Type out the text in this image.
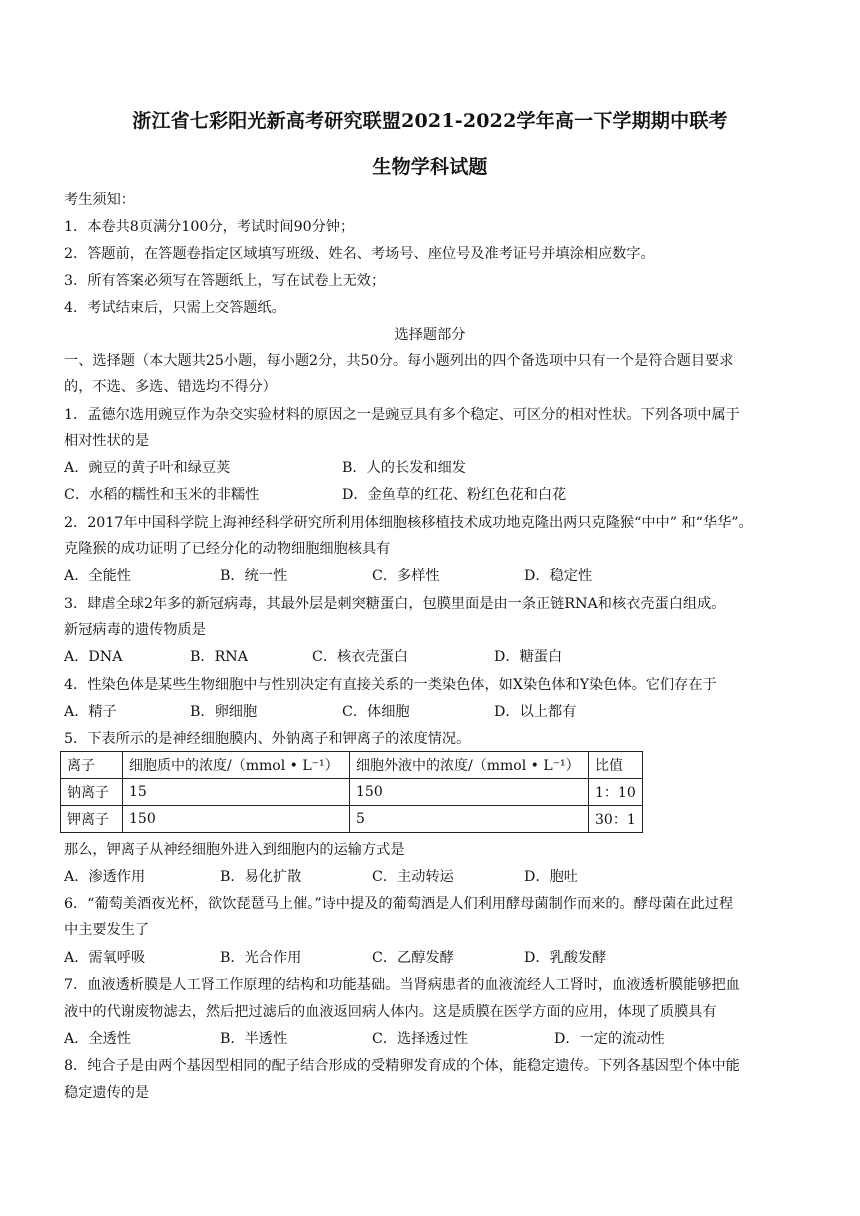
浙江省七彩阳光新高考研究联盟2021-2022学年高一下学期期中联考
生物学科试题
考生须知：
1．本卷共8页满分100分，考试时间90分钟；
2．答题前，在答题卷指定区域填写班级、姓名、考场号、座位号及准考证号并填涂相应数字。
3．所有答案必须写在答题纸上，写在试卷上无效；
4．考试结束后，只需上交答题纸。
选择题部分
一、选择题（本大题共25小题，每小题2分，共50分。每小题列出的四个备选项中只有一个是符合题目要求
的，不选、多选、错选均不得分）
1．孟德尔选用豌豆作为杂交实验材料的原因之一是豌豆具有多个稳定、可区分的相对性状。下列各项中属于
相对性状的是
A．豌豆的黄子叶和绿豆荚	B．人的长发和细发
C．水稻的糯性和玉米的非糯性	D．金鱼草的红花、粉红色花和白花
2．2017年中国科学院上海神经科学研究所利用体细胞核移植技术成功地克隆出两只克隆猴“中中” 和“华华”。
克隆猴的成功证明了已经分化的动物细胞细胞核具有
A．全能性	B．统一性	C．多样性	D．稳定性
3．肆虐全球2年多的新冠病毒，其最外层是刺突糖蛋白，包膜里面是由一条正链RNA和核衣壳蛋白组成。
新冠病毒的遗传物质是
A．DNA	B．RNA	C．核衣壳蛋白	D．糖蛋白
4．性染色体是某些生物细胞中与性别决定有直接关系的一类染色体，如X染色体和Y染色体。它们存在于
A．精子	B．卵细胞	C．体细胞	D．以上都有
5．下表所示的是神经细胞膜内、外钠离子和钾离子的浓度情况。
离子	细胞质中的浓度/（mmol • L⁻¹）	细胞外液中的浓度/（mmol • L⁻¹）	比值
钠离子	15	150	1：10
钾离子	150	5	30：1
那么，钾离子从神经细胞外进入到细胞内的运输方式是
A．渗透作用	B．易化扩散	C．主动转运	D．胞吐
6．“葡萄美酒夜光杯，欲饮琵琶马上催。”诗中提及的葡萄酒是人们利用酵母菌制作而来的。酵母菌在此过程
中主要发生了
A．需氧呼吸	B．光合作用	C．乙醇发酵	D．乳酸发酵
7．血液透析膜是人工肾工作原理的结构和功能基础。当肾病患者的血液流经人工肾时，血液透析膜能够把血
液中的代谢废物滤去，然后把过滤后的血液返回病人体内。这是质膜在医学方面的应用，体现了质膜具有
A．全透性	B．半透性	C．选择透过性	D．一定的流动性
8．纯合子是由两个基因型相同的配子结合形成的受精卵发育成的个体，能稳定遗传。下列各基因型个体中能
稳定遗传的是
